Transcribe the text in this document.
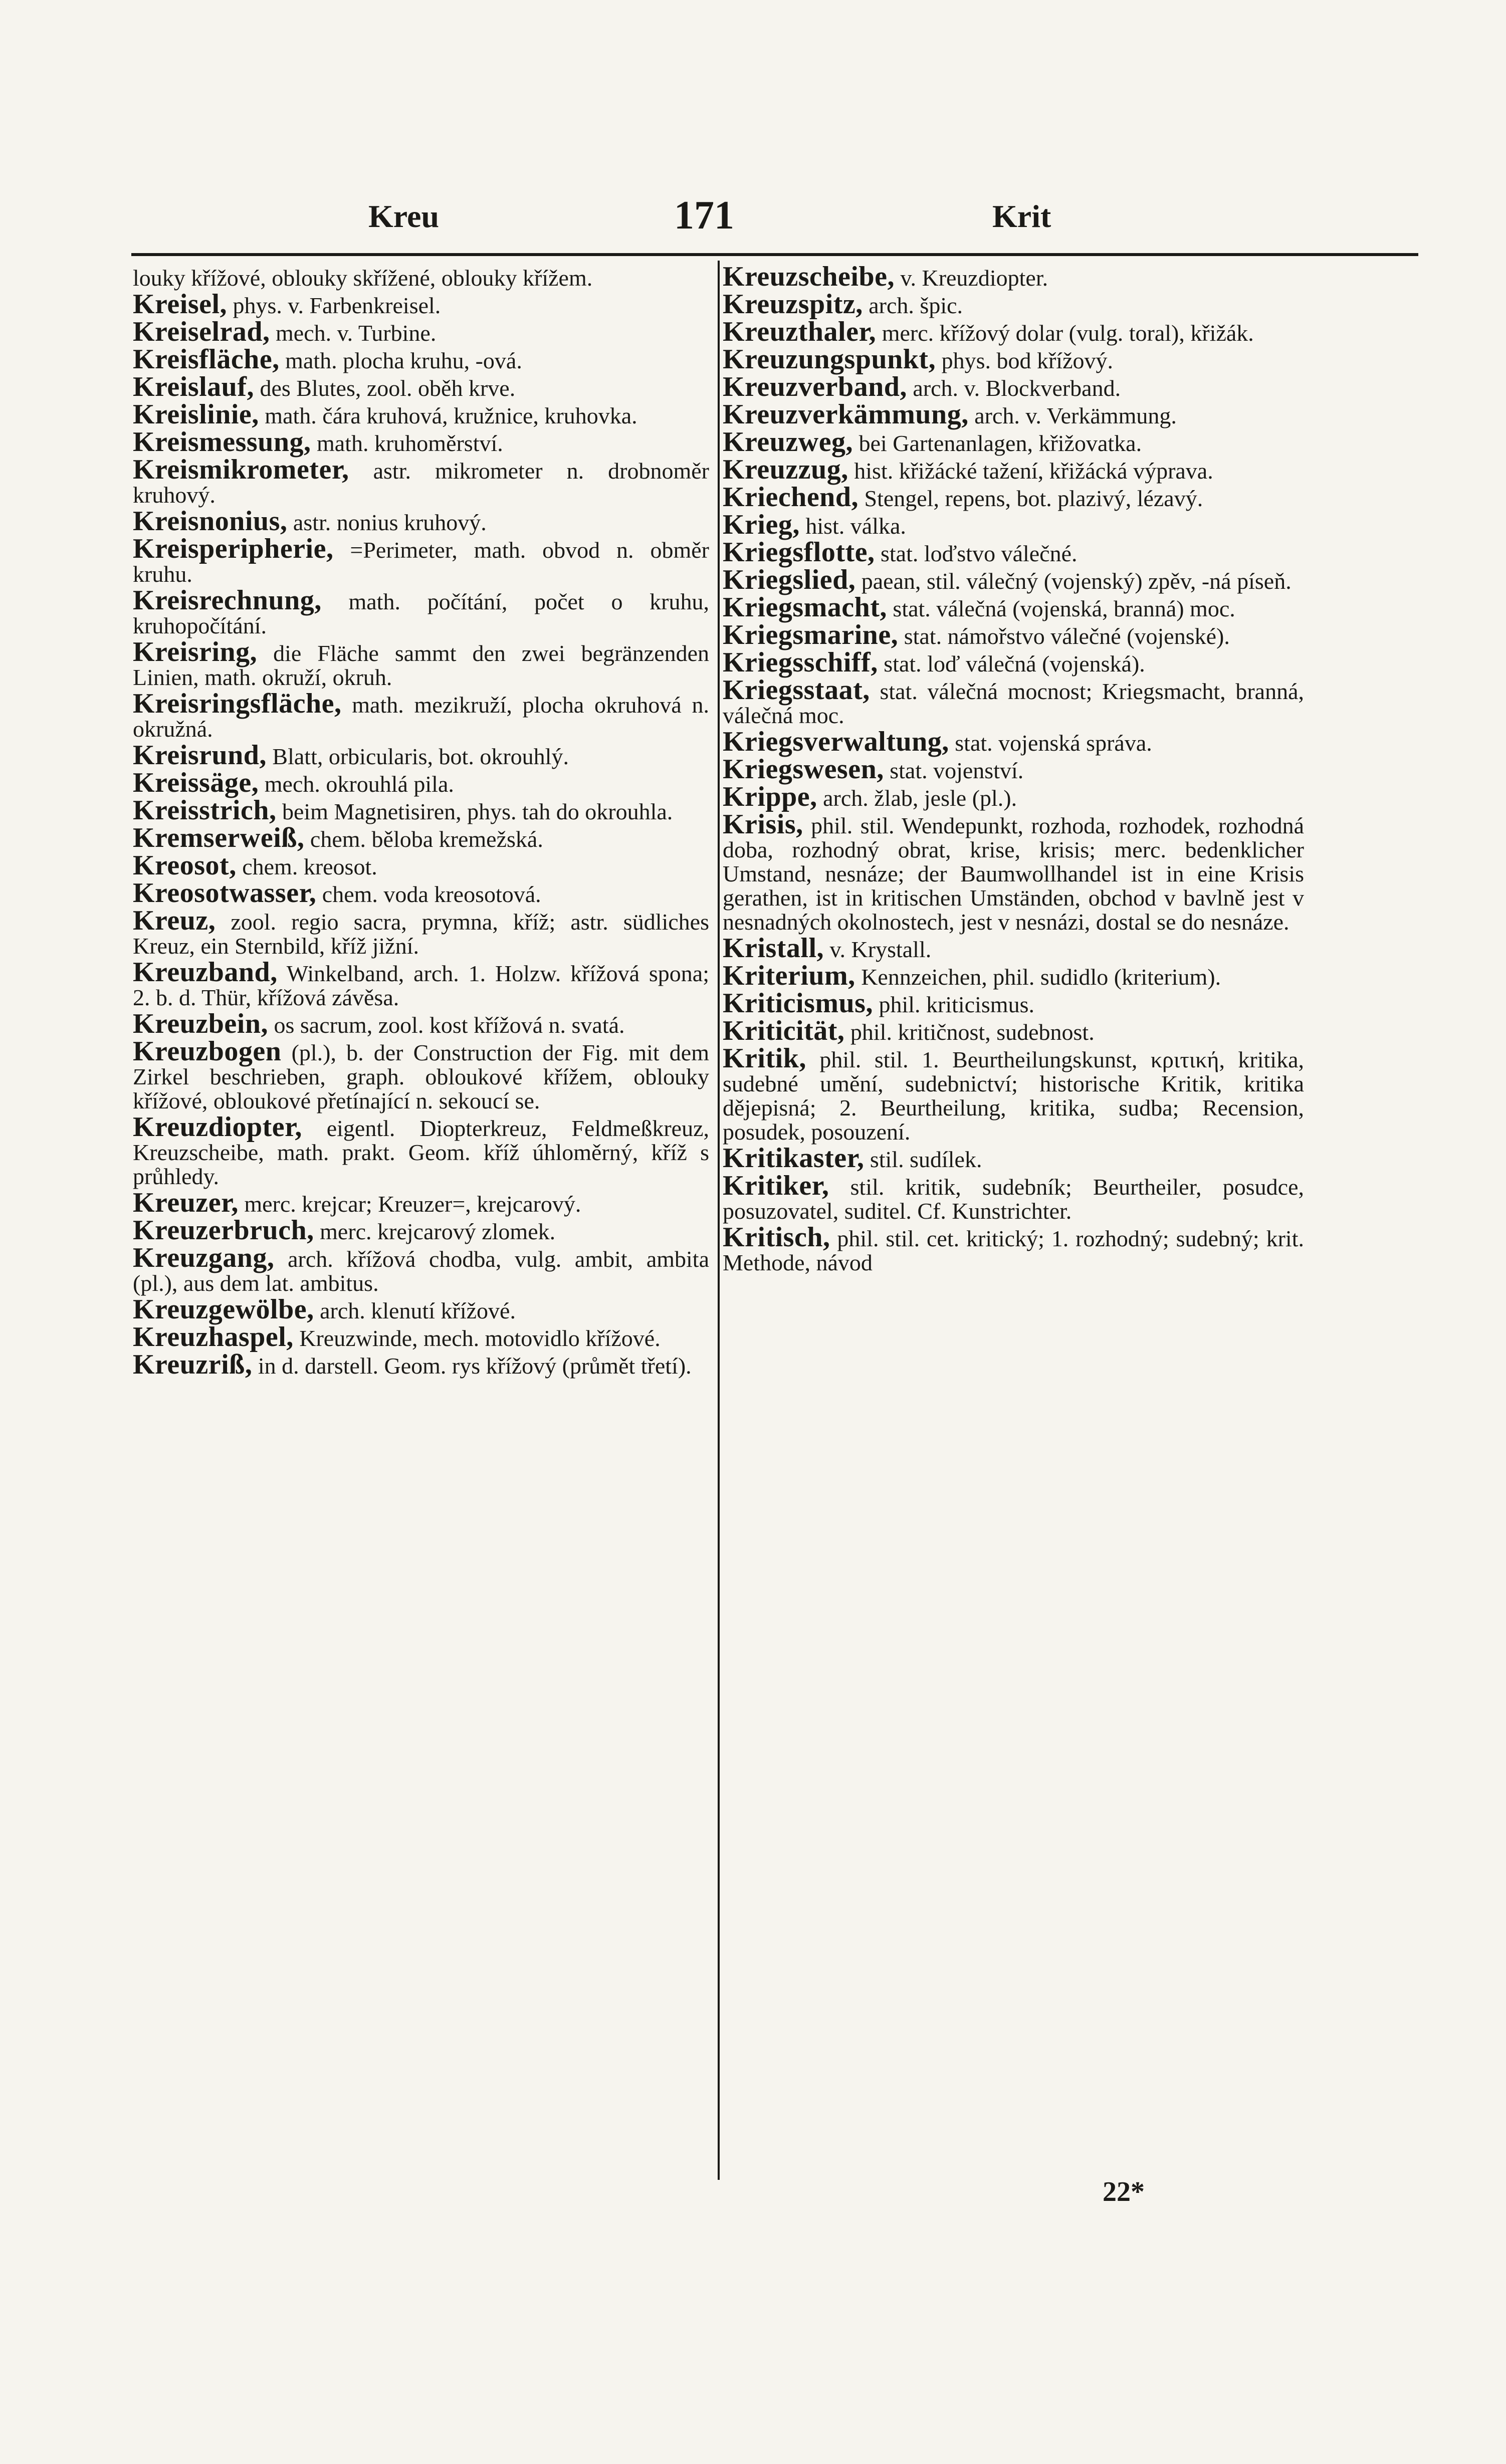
Kreu	171	Krit
louky křížové, oblouky skřížené, oblouky křížem.
Kreisel, phys. v. Farbenkreisel.
Kreiselrad, mech. v. Turbine.
Kreisfläche, math. plocha kruhu, -ová.
Kreislauf, des Blutes, zool. oběh krve.
Kreislinie, math. čára kruhová, kružnice, kruhovka.
Kreismessung, math. kruhoměrství.
Kreismikrometer, astr. mikrometer n. drobnoměr kruhový.
Kreisnonius, astr. nonius kruhový.
Kreisperipherie, =Perimeter, math. obvod n. obměr kruhu.
Kreisrechnung, math. počítání, počet o kruhu, kruhopočítání.
Kreisring, die Fläche sammt den zwei begränzenden Linien, math. okruží, okruh.
Kreisringsfläche, math. mezikruží, plocha okruhová n. okružná.
Kreisrund, Blatt, orbicularis, bot. okrouhlý.
Kreissäge, mech. okrouhlá pila.
Kreisstrich, beim Magnetisiren, phys. tah do okrouhla.
Kremserweiß, chem. běloba kremežská.
Kreosot, chem. kreosot.
Kreosotwasser, chem. voda kreosotová.
Kreuz, zool. regio sacra, prymna, kříž; astr. südliches Kreuz, ein Sternbild, kříž jižní.
Kreuzband, Winkelband, arch. 1. Holzw. křížová spona; 2. b. d. Thür, křížová závěsa.
Kreuzbein, os sacrum, zool. kost křížová n. svatá.
Kreuzbogen (pl.), b. der Construction der Fig. mit dem Zirkel beschrieben, graph. obloukové křížem, oblouky křížové, obloukové přetínající n. sekoucí se.
Kreuzdiopter, eigentl. Diopterkreuz, Feldmeßkreuz, Kreuzscheibe, math. prakt. Geom. kříž úhloměrný, kříž s průhledy.
Kreuzer, merc. krejcar; Kreuzer=, krejcarový.
Kreuzerbruch, merc. krejcarový zlomek.
Kreuzgang, arch. křížová chodba, vulg. ambit, ambita (pl.), aus dem lat. ambitus.
Kreuzgewölbe, arch. klenutí křížové.
Kreuzhaspel, Kreuzwinde, mech. motovidlo křížové.
Kreuzriß, in d. darstell. Geom. rys křížový (průmět třetí).
Kreuzscheibe, v. Kreuzdiopter.
Kreuzspitz, arch. špic.
Kreuzthaler, merc. křížový dolar (vulg. toral), křižák.
Kreuzungspunkt, phys. bod křížový.
Kreuzverband, arch. v. Blockverband.
Kreuzverkämmung, arch. v. Verkämmung.
Kreuzweg, bei Gartenanlagen, křižovatka.
Kreuzzug, hist. křižácké tažení, křižácká výprava.
Kriechend, Stengel, repens, bot. plazivý, lézavý.
Krieg, hist. válka.
Kriegsflotte, stat. loďstvo válečné.
Kriegslied, paean, stil. válečný (vojenský) zpěv, -ná píseň.
Kriegsmacht, stat. válečná (vojenská, branná) moc.
Kriegsmarine, stat. námořstvo válečné (vojenské).
Kriegsschiff, stat. loď válečná (vojenská).
Kriegsstaat, stat. válečná mocnost; Kriegsmacht, branná, válečná moc.
Kriegsverwaltung, stat. vojenská správa.
Kriegswesen, stat. vojenství.
Krippe, arch. žlab, jesle (pl.).
Krisis, phil. stil. Wendepunkt, rozhoda, rozhodek, rozhodná doba, rozhodný obrat, krise, krisis; merc. bedenklicher Umstand, nesnáze; der Baumwollhandel ist in eine Krisis gerathen, ist in kritischen Umständen, obchod v bavlně jest v nesnadných okolnostech, jest v nesnázi, dostal se do nesnáze.
Kristall, v. Krystall.
Kriterium, Kennzeichen, phil. sudidlo (kriterium).
Kriticismus, phil. kriticismus.
Kriticität, phil. kritičnost, sudebnost.
Kritik, phil. stil. 1. Beurtheilungskunst, κριτική, kritika, sudebné umění, sudebnictví; historische Kritik, kritika dějepisná; 2. Beurtheilung, kritika, sudba; Recension, posudek, posouzení.
Kritikaster, stil. sudílek.
Kritiker, stil. kritik, sudebník; Beurtheiler, posudce, posuzovatel, suditel. Cf. Kunstrichter.
Kritisch, phil. stil. cet. kritický; 1. rozhodný; sudebný; krit. Methode, návod
22*
